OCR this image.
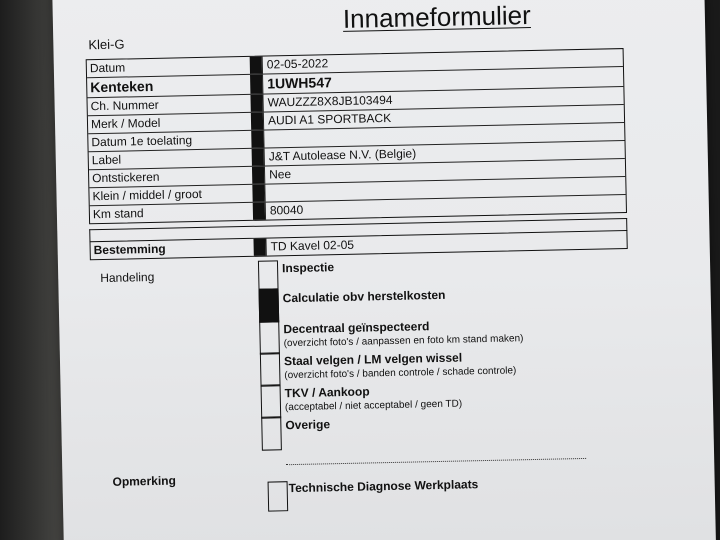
Innameformulier
Klei-G
Datum	02-05-2022
Kenteken	1UWH547
Ch. Nummer	WAUZZZ8X8JB103494
Merk / Model	AUDI A1 SPORTBACK
Datum 1e toelating
Label	J&T Autolease N.V. (Belgie)
Ontstickeren	Nee
Klein / middel / groot
Km stand	80040
Bestemming	TD Kavel 02-05
Handeling
Inspectie
Calculatie obv herstelkosten
Decentraal geïnspecteerd
(overzicht foto's / aanpassen en foto km stand maken)
Staal velgen / LM velgen wissel
(overzicht foto's / banden controle / schade controle)
TKV / Aankoop
(acceptabel / niet acceptabel / geen TD)
Overige
Opmerking	Technische Diagnose Werkplaats
